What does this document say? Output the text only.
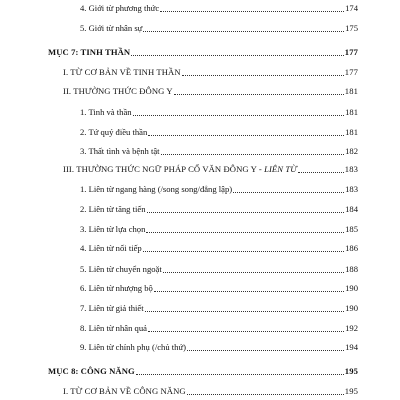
4. Giới từ phương thức	174
5. Giới từ nhân sự	175
MỤC 7: TINH THẦN	177
I. TỪ CƠ BẢN VỀ TINH THẦN	177
II. THƯỜNG THỨC ĐÔNG Y	181
1. Tinh và thần	181
2. Tứ quý điều thần	181
3. Thất tình và bệnh tật	182
III. THƯỜNG THỨC NGỮ PHÁP CỔ VĂN ĐÔNG Y - LIÊN TỪ	183
1. Liên từ ngang hàng (/song song/đẳng lập)	183
2. Liên từ tăng tiến	184
3. Liên từ lựa chọn	185
4. Liên từ nối tiếp	186
5. Liên từ chuyển ngoặt	188
6. Liên từ nhượng bộ	190
7. Liên từ giả thiết	190
8. Liên từ nhân quả	192
9. Liên từ chính phụ (/chủ thứ)	194
MỤC 8: CÔNG NĂNG	195
I. TỪ CƠ BẢN VỀ CÔNG NĂNG	195
